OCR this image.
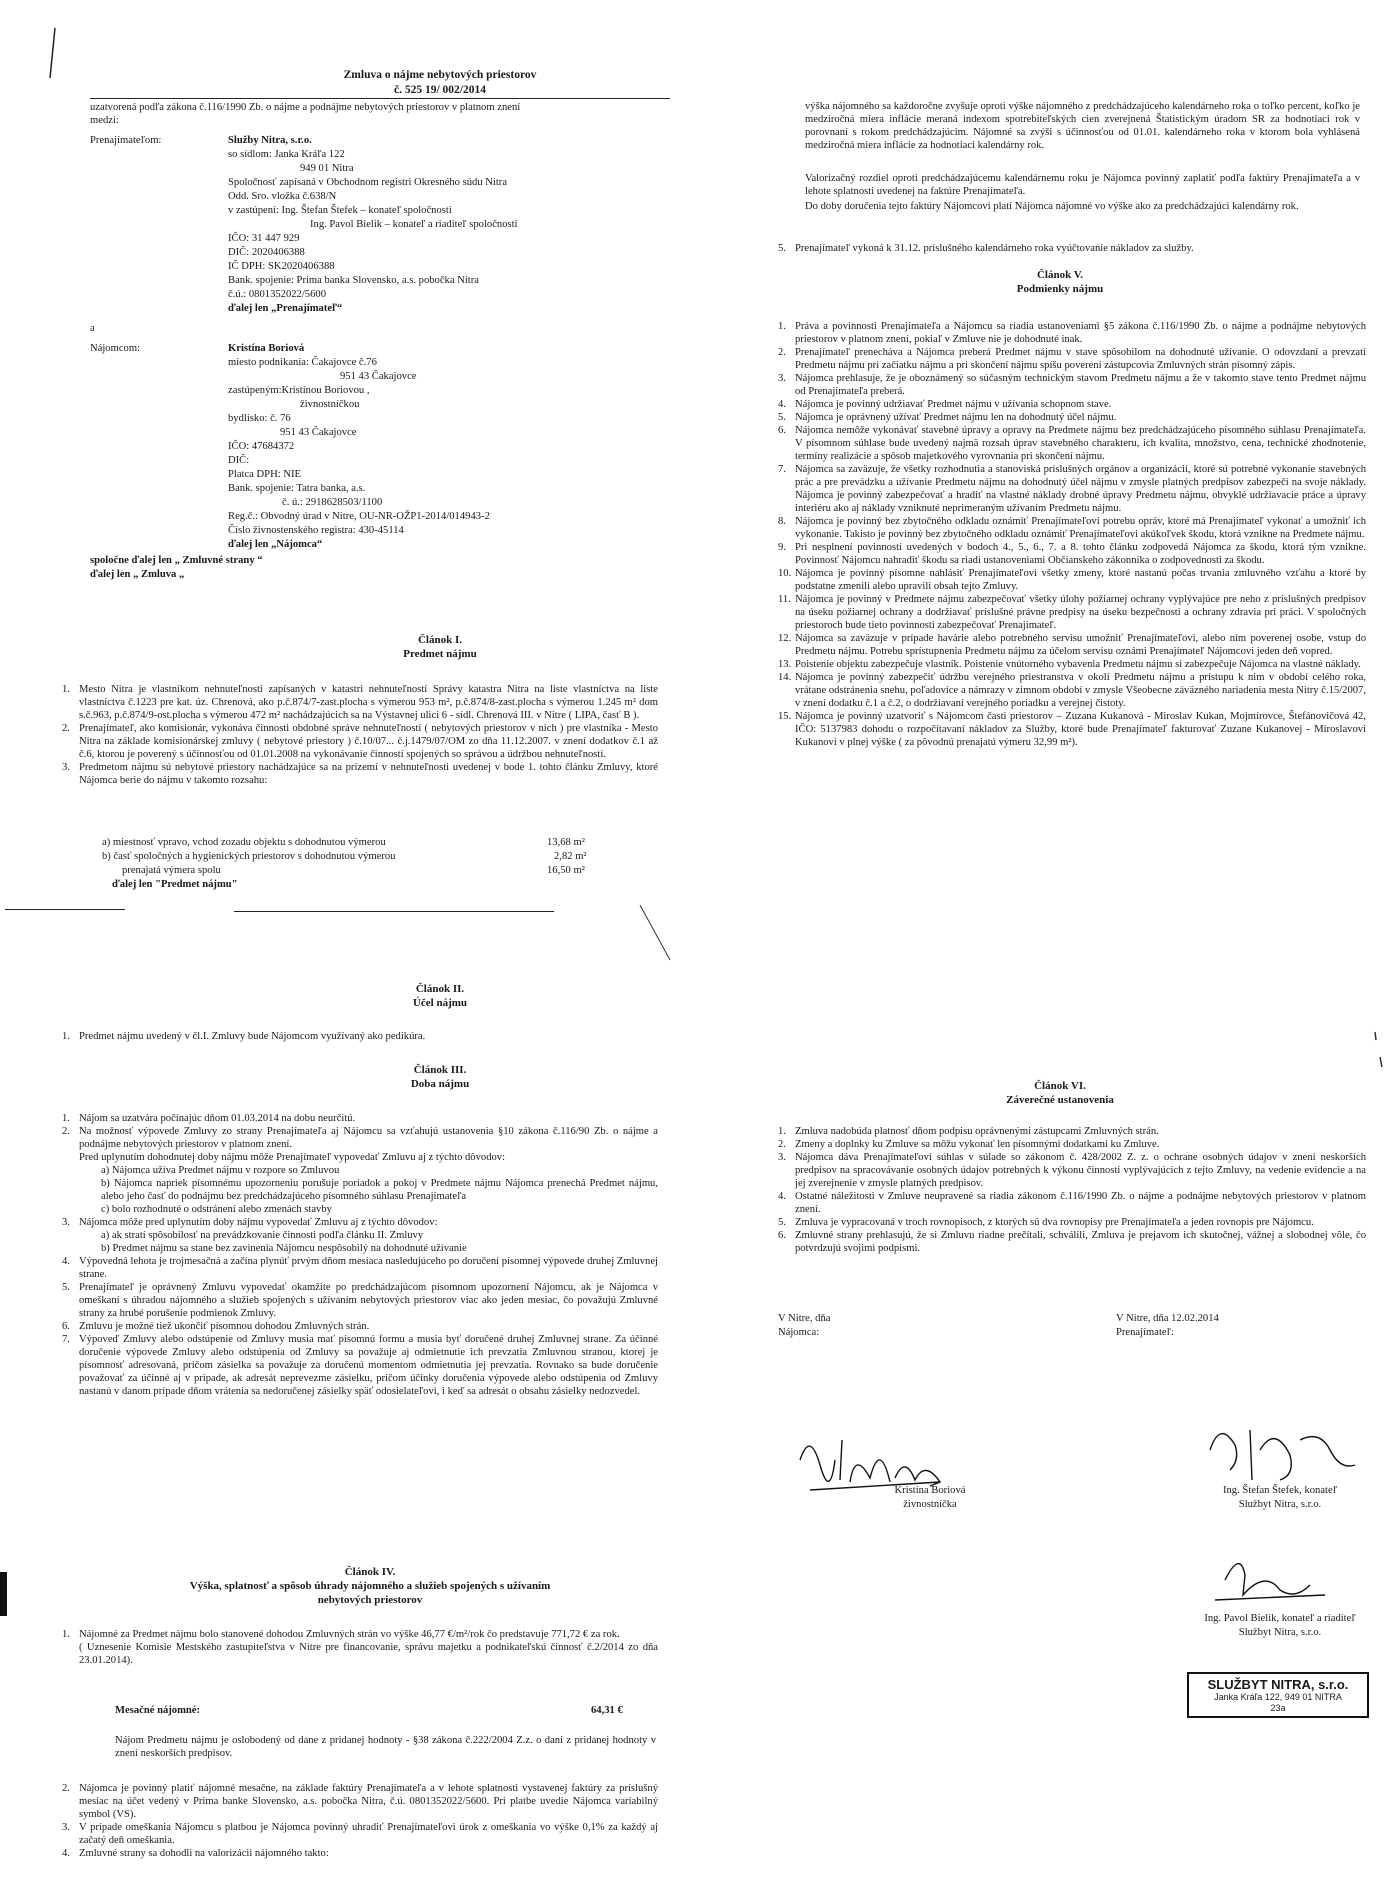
Zmluva o nájme nebytových priestorov
č. 525 19/ 002/2014
uzatvorená podľa zákona č.116/1990 Zb. o nájme a podnájme nebytových priestorov v platnom znení
medzi:
Prenajímateľom:	Služby Nitra, s.r.o.
so sídlom: Janka Kráľa 122
949 01 Nitra
Spoločnosť zapísaná v Obchodnom registri Okresného súdu Nitra
Odd. Sro. vložka č.638/N
v zastúpení: Ing. Štefan Štefek – konateľ spoločnosti
Ing. Pavol Bielik – konateľ a riaditeľ spoločnosti
IČO: 31 447 929
DIČ: 2020406388
IČ DPH: SK2020406388
Bank. spojenie: Prima banka Slovensko, a.s. pobočka Nitra
č.ú.: 0801352022/5600
ďalej len „Prenajímateľ“
a
Nájomcom:	Kristína Boriová
miesto podnikania: Čakajovce č.76
951 43 Čakajovce
zastúpeným:Kristínou Boriovou ,
živnostníčkou
bydlisko: č. 76
951 43 Čakajovce
IČO: 47684372
DIČ:
Platca DPH: NIE
Bank. spojenie: Tatra banka, a.s.
č. ú.: 2918628503/1100
Reg.č.: Obvodný úrad v Nitre, OU-NR-OŽP1-2014/014943-2
Číslo živnostenského registra: 430-45114
ďalej len „Nájomca“
spoločne ďalej len „ Zmluvné strany “
ďalej len „ Zmluva „
Článok I.
Predmet nájmu
1. Mesto Nitra je vlastníkom nehnuteľnosti zapísaných v katastri nehnuteľností Správy katastra Nitra na liste vlastníctva na liste vlastníctva č.1223 pre kat. úz. Chrenová, ako p.č.874/7-zast.plocha s výmerou 953 m², p.č.874/8-zast.plocha s výmerou 1.245 m² dom s.č.963, p.č.874/9-ost.plocha s výmerou 472 m² nachádzajúcich sa na Výstavnej ulici 6 - sídl. Chrenová III. v Nitre ( LIPA, časť B ).
2. Prenajímateľ, ako komisionár, vykonáva činnosti obdobné správe nehnuteľností ( nebytových priestorov v nich ) pre vlastníka - Mesto Nitra na základe komisionárskej zmluvy ( nebytové priestory ) č.10/07... č.j.1479/07/OM zo dňa 11.12.2007. v znení dodatkov č.1 až č.6, ktorou je poverený s účinnosťou od 01.01.2008 na vykonávanie činností spojených so správou a údržbou nehnuteľností.
3. Predmetom nájmu sú nebytové priestory nachádzajúce sa na prízemí v nehnuteľnosti uvedenej v bode 1. tohto článku Zmluvy, ktoré Nájomca berie do nájmu v takomto rozsahu:
a) miestnosť vpravo, vchod zozadu objektu s dohodnutou výmerou	13,68 m²
b) časť spoločných a hygienických priestorov s dohodnutou výmerou	2,82 m²
prenajatá výmera spolu	16,50 m²
ďalej len "Predmet nájmu"
Článok II.
Účel nájmu
1. Predmet nájmu uvedený v čl.I. Zmluvy bude Nájomcom využívaný ako pedikúra.
Článok III.
Doba nájmu
1. Nájom sa uzatvára počínajúc dňom 01.03.2014 na dobu neurčitú.
2. Na možnosť výpovede Zmluvy zo strany Prenajímateľa aj Nájomcu sa vzťahujú ustanovenia §10 zákona č.116/90 Zb. o nájme a podnájme nebytových priestorov v platnom znení.
Pred uplynutím dohodnutej doby nájmu môže Prenajímateľ vypovedať Zmluvu aj z týchto dôvodov:
a) Nájomca užíva Predmet nájmu v rozpore so Zmluvou
b) Nájomca napriek písomnému upozorneniu porušuje poriadok a pokoj v Predmete nájmu Nájomca prenechá Predmet nájmu, alebo jeho časť do podnájmu bez predchádzajúceho písomného súhlasu Prenajímateľa
c) bolo rozhodnuté o odstránení alebo zmenách stavby
3. Nájomca môže pred uplynutím doby nájmu vypovedať Zmluvu aj z týchto dôvodov:
a) ak stratí spôsobilosť na prevádzkovanie činnosti podľa článku II. Zmluvy
b) Predmet nájmu sa stane bez zavinenia Nájomcu nespôsobilý na dohodnuté užívanie
4. Výpovedná lehota je trojmesačná a začína plynúť prvým dňom mesiaca nasledujúceho po doručení písomnej výpovede druhej Zmluvnej strane.
5. Prenajímateľ je oprávnený Zmluvu vypovedať okamžite po predchádzajúcom písomnom upozornení Nájomcu, ak je Nájomca v omeškaní s úhradou nájomného a služieb spojených s užívaním nebytových priestorov viac ako jeden mesiac, čo považujú Zmluvné strany za hrubé porušenie podmienok Zmluvy.
6. Zmluvu je možné tiež ukončiť písomnou dohodou Zmluvných strán.
7. Výpoveď Zmluvy alebo odstúpenie od Zmluvy musia mať písomnú formu a musia byť doručené druhej Zmluvnej strane. Za účinné doručenie výpovede Zmluvy alebo odstúpenia od Zmluvy sa považuje aj odmietnutie ich prevzatia Zmluvnou stranou, ktorej je písomnosť adresovaná, pričom zásielka sa považuje za doručenú momentom odmietnutia jej prevzatia. Rovnako sa bude doručenie považovať za účinné aj v prípade, ak adresát neprevezme zásielku, pričom účinky doručenia výpovede alebo odstúpenia od Zmluvy nastanú v danom prípade dňom vrátenia sa nedoručenej zásielky späť odosielateľovi, i keď sa adresát o obsahu zásielky nedozvedel.
Článok IV.
Výška, splatnosť a spôsob úhrady nájomného a služieb spojených s užívaním
nebytových priestorov
1. Nájomné za Predmet nájmu bolo stanovené dohodou Zmluvných strán vo výške 46,77 €/m²/rok čo predstavuje 771,72 € za rok.
( Uznesenie Komisie Mestského zastupiteľstva v Nitre pre financovanie, správu majetku a podnikateľskú činnosť č.2/2014 zo dňa 23.01.2014).
Mesačné nájomné:	64,31 €
Nájom Predmetu nájmu je oslobodený od dane z pridanej hodnoty - §38 zákona č.222/2004 Z.z. o dani z pridanej hodnoty v znení neskorších predpisov.
2. Nájomca je povinný platiť nájomné mesačne, na základe faktúry Prenajímateľa a v lehote splatnosti vystavenej faktúry za príslušný mesiac na účet vedený v Prima banke Slovensko, a.s. pobočka Nitra, č.ú. 0801352022/5600. Pri platbe uvedie Nájomca variabilný symbol (VS).
3. V prípade omeškania Nájomcu s platbou je Nájomca povinný uhradiť Prenajímateľovi úrok z omeškania vo výške 0,1% za každý aj začatý deň omeškania.
4. Zmluvné strany sa dohodli na valorizácii nájomného takto:
výška nájomného sa každoročne zvyšuje oproti výške nájomného z predchádzajúceho kalendárneho roka o toľko percent, koľko je medziročná miera inflácie meraná indexom spotrebiteľských cien zverejnená Štatistickým úradom SR za hodnotiaci rok v porovnaní s rokom predchádzajúcim. Nájomné sa zvýši s účinnosťou od 01.01. kalendárneho roka v ktorom bola vyhlásená medziročná miera inflácie za hodnotiaci kalendárny rok.
Valorizačný rozdiel oproti predchádzajúcemu kalendárnemu roku je Nájomca povinný zaplatiť podľa faktúry Prenajímateľa a v lehote splatnosti uvedenej na faktúre Prenajímateľa.
Do doby doručenia tejto faktúry Nájomcovi platí Nájomca nájomné vo výške ako za predchádzajúci kalendárny rok.
5. Prenajímateľ vykoná k 31.12. príslušného kalendárneho roka vyúčtovanie nákladov za služby.
Článok V.
Podmienky nájmu
1. Práva a povinnosti Prenajímateľa a Nájomcu sa riadia ustanoveniami §5 zákona č.116/1990 Zb. o nájme a podnájme nebytových priestorov v platnom znení, pokiaľ v Zmluve nie je dohodnuté inak.
2. Prenajímateľ prenecháva a Nájomca preberá Predmet nájmu v stave spôsobilom na dohodnuté užívanie. O odovzdaní a prevzatí Predmetu nájmu pri začiatku nájmu a pri skončení nájmu spíšu poverení zástupcovia Zmluvných strán písomný zápis.
3. Nájomca prehlasuje, že je oboznámený so súčasným technickým stavom Predmetu nájmu a že v takomto stave tento Predmet nájmu od Prenajímateľa preberá.
4. Nájomca je povinný udržiavať Predmet nájmu v užívania schopnom stave.
5. Nájomca je oprávnený užívať Predmet nájmu len na dohodnutý účel nájmu.
6. Nájomca nemôže vykonávať stavebné úpravy a opravy na Predmete nájmu bez predchádzajúceho písomného súhlasu Prenajímateľa. V písomnom súhlase bude uvedený najmä rozsah úprav stavebného charakteru, ich kvalita, množstvo, cena, technické zhodnotenie, termíny realizácie a spôsob majetkového vyrovnania pri skončení nájmu.
7. Nájomca sa zaväzuje, že všetky rozhodnutia a stanoviská príslušných orgánov a organizácií, ktoré sú potrebné vykonanie stavebných prác a pre prevádzku a užívanie Predmetu nájmu na dohodnutý účel nájmu v zmysle platných predpisov zabezpečí na svoje náklady. Nájomca je povinný zabezpečovať a hradiť na vlastné náklady drobné úpravy Predmetu nájmu, obvyklé udržiavacie práce a úpravy interiéru ako aj náklady vzniknuté neprimeraným užívaním Predmetu nájmu.
8. Nájomca je povinný bez zbytočného odkladu oznámiť Prenajímateľovi potrebu opráv, ktoré má Prenajímateľ vykonať a umožniť ich vykonanie. Takisto je povinný bez zbytočného odkladu oznámiť Prenajímateľovi akúkoľvek škodu, ktorá vznikne na Predmete nájmu.
9. Pri nesplnení povinností uvedených v bodoch 4., 5., 6., 7. a 8. tohto článku zodpovedá Nájomca za škodu, ktorá tým vznikne. Povinnosť Nájomcu nahradiť škodu sa riadi ustanoveniami Občianskeho zákonníka o zodpovednosti za škodu.
10. Nájomca je povinný písomne nahlásiť Prenajímateľovi všetky zmeny, ktoré nastanú počas trvania zmluvného vzťahu a ktoré by podstatne zmenili alebo upravili obsah tejto Zmluvy.
11. Nájomca je povinný v Predmete nájmu zabezpečovať všetky úlohy požiarnej ochrany vyplývajúce pre neho z príslušných predpisov na úseku požiarnej ochrany a dodržiavať príslušné právne predpisy na úseku bezpečnosti a ochrany zdravia pri práci. V spoločných priestoroch bude tieto povinnosti zabezpečovať Prenajímateľ.
12. Nájomca sa zaväzuje v prípade havárie alebo potrebného servisu umožniť Prenajímateľovi, alebo ním poverenej osobe, vstup do Predmetu nájmu. Potrebu sprístupnenia Predmetu nájmu za účelom servisu oznámi Prenajímateľ Nájomcovi jeden deň vopred.
13. Poistenie objektu zabezpečuje vlastník. Poistenie vnútorného vybavenia Predmetu nájmu si zabezpečuje Nájomca na vlastné náklady.
14. Nájomca je povinný zabezpečiť údržbu verejného priestranstva v okolí Predmetu nájmu a prístupu k nim v období celého roka, vrátane odstránenia snehu, poľadovice a námrazy v zimnom období v zmysle Všeobecne záväzného nariadenia mesta Nitry č.15/2007, v znení dodatku č.1 a č.2, o dodržiavaní verejného poriadku a verejnej čistoty.
15. Nájomca je povinný uzatvoriť s Nájomcom časti priestorov – Zuzana Kukanová - Miroslav Kukan, Mojmírovce, Štefánovičová 42, IČO: 5137983 dohodu o rozpočítavaní nákladov za Služby, ktoré bude Prenajímateľ fakturovať Zuzane Kukanovej - Miroslavovi Kukanovi v plnej výške ( za pôvodnú prenajatú výmeru 32,99 m²).
Článok VI.
Záverečné ustanovenia
1. Zmluva nadobúda platnosť dňom podpisu oprávnenými zástupcami Zmluvných strán.
2. Zmeny a doplnky ku Zmluve sa môžu vykonať len písomnými dodatkami ku Zmluve.
3. Nájomca dáva Prenajímateľovi súhlas v súlade so zákonom č. 428/2002 Z. z. o ochrane osobných údajov v znení neskorších predpisov na spracovávanie osobných údajov potrebných k výkonu činnosti vyplývajúcich z tejto Zmluvy, na vedenie evidencie a na jej zverejnenie v zmysle platných predpisov.
4. Ostatné náležitosti v Zmluve neupravené sa riadia zákonom č.116/1990 Zb. o nájme a podnájme nebytových priestorov v platnom znení.
5. Zmluva je vypracovaná v troch rovnopisoch, z ktorých sú dva rovnopisy pre Prenajímateľa a jeden rovnopis pre Nájomcu.
6. Zmluvné strany prehlasujú, že si Zmluvu riadne prečítali, schválili, Zmluva je prejavom ich skutočnej, vážnej a slobodnej vôle, čo potvrdzujú svojimi podpismi.
V Nitre, dňa
Nájomca:
V Nitre, dňa 12.02.2014
Prenajímateľ:
Kristína Boriová
živnostníčka
Ing. Štefan Štefek, konateľ
Službyt Nitra, s.r.o.
Ing. Pavol Bielik, konateľ a riaditeľ
Službyt Nitra, s.r.o.
SLUŽBYT NITRA, s.r.o.
Janka Kráľa 122, 949 01 NITRA
23a
